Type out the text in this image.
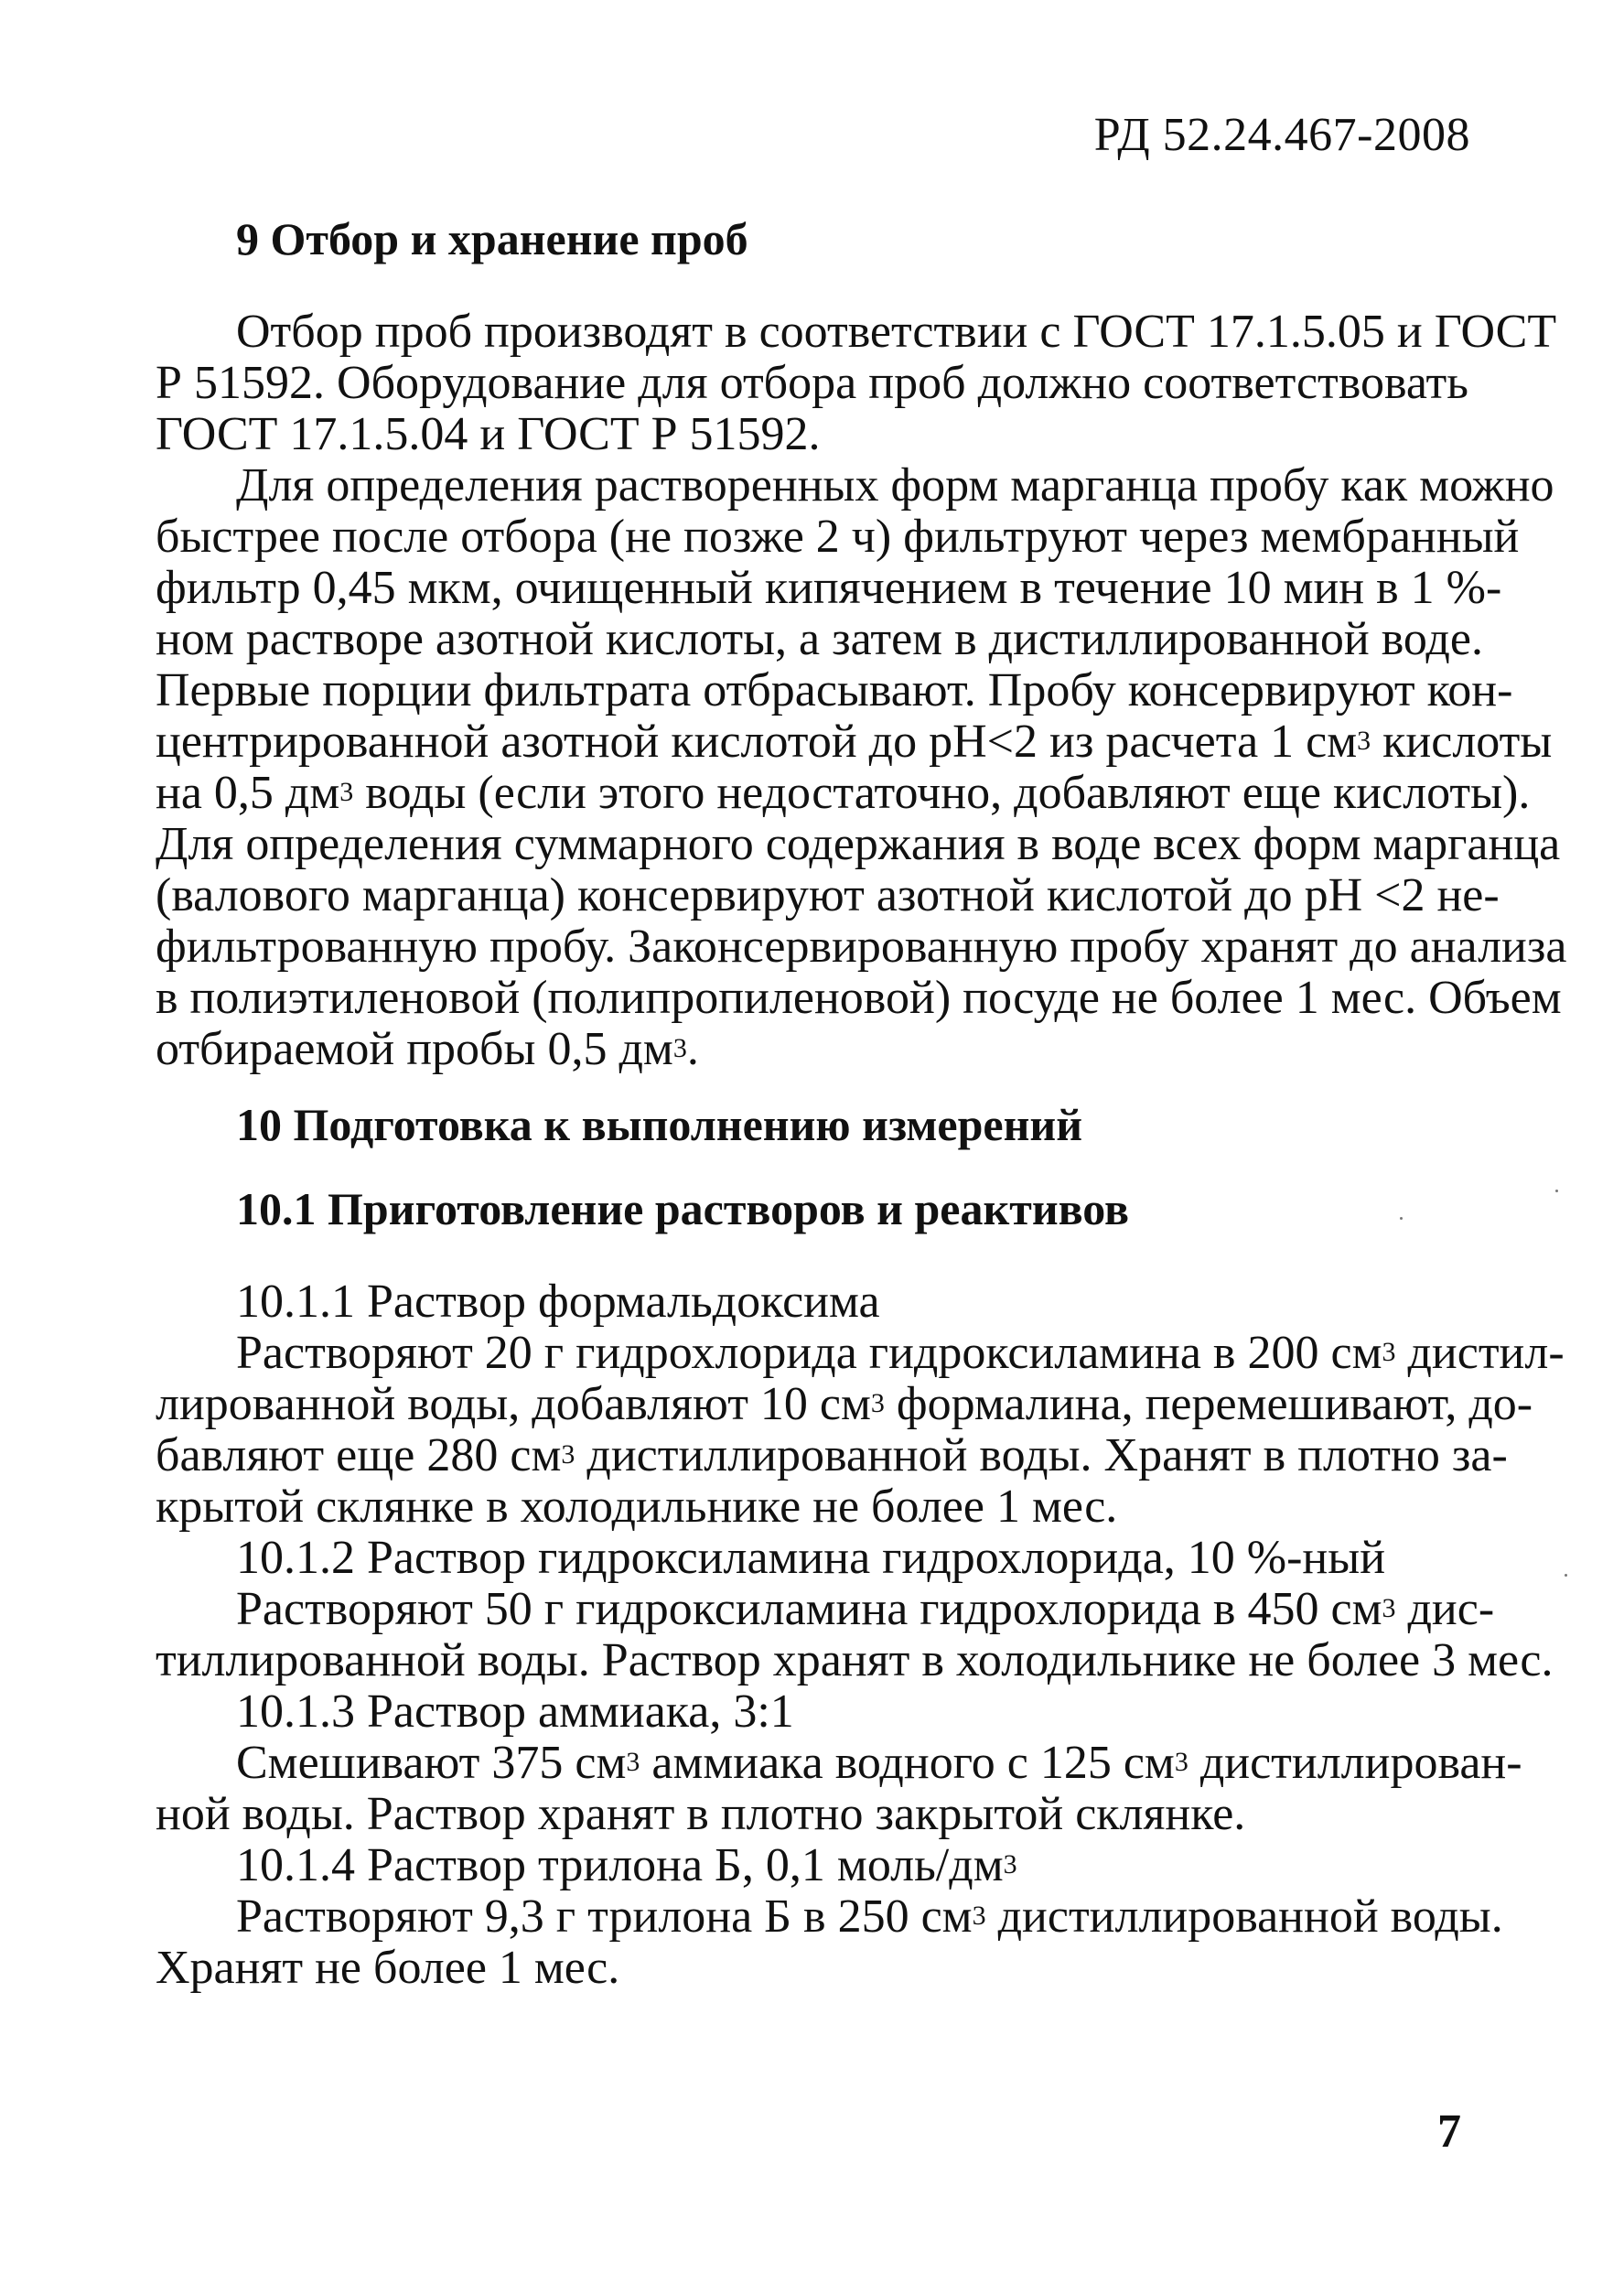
РД 52.24.467-2008
9 Отбор и хранение проб
Отбор проб производят в соответствии с ГОСТ 17.1.5.05 и ГОСТ
Р 51592. Оборудование для отбора проб должно соответствовать
ГОСТ 17.1.5.04 и ГОСТ Р 51592.
Для определения растворенных форм марганца пробу как можно
быстрее после отбора (не позже 2 ч) фильтруют через мембранный
фильтр 0,45 мкм, очищенный кипячением в течение 10 мин в 1 %-
ном растворе азотной кислоты, а затем в дистиллированной воде.
Первые порции фильтрата отбрасывают. Пробу консервируют кон-
центрированной азотной кислотой до pH<2 из расчета 1 $см^3$ кислоты
на 0,5 $дм^3$ воды (если этого недостаточно, добавляют еще кислоты).
Для определения суммарного содержания в воде всех форм марганца
(валового марганца) консервируют азотной кислотой до pH <2 не-
фильтрованную пробу. Законсервированную пробу хранят до анализа
в полиэтиленовой (полипропиленовой) посуде не более 1 мес. Объем
отбираемой пробы 0,5 $дм^3$.
10 Подготовка к выполнению измерений
10.1 Приготовление растворов и реактивов
10.1.1 Раствор формальдоксима
Растворяют 20 г гидрохлорида гидроксиламина в 200 $см^3$ дистил-
лированной воды, добавляют 10 $см^3$ формалина, перемешивают, до-
бавляют еще 280 $см^3$ дистиллированной воды. Хранят в плотно за-
крытой склянке в холодильнике не более 1 мес.
10.1.2 Раствор гидроксиламина гидрохлорида, 10 %-ный
Растворяют 50 г гидроксиламина гидрохлорида в 450 $см^3$ дис-
тиллированной воды. Раствор хранят в холодильнике не более 3 мес.
10.1.3 Раствор аммиака, 3:1
Смешивают 375 $см^3$ аммиака водного с 125 $см^3$ дистиллирован-
ной воды. Раствор хранят в плотно закрытой склянке.
10.1.4 Раствор трилона Б, 0,1 моль/$дм^3$
Растворяют 9,3 г трилона Б в 250 $см^3$ дистиллированной воды.
Хранят не более 1 мес.
7
